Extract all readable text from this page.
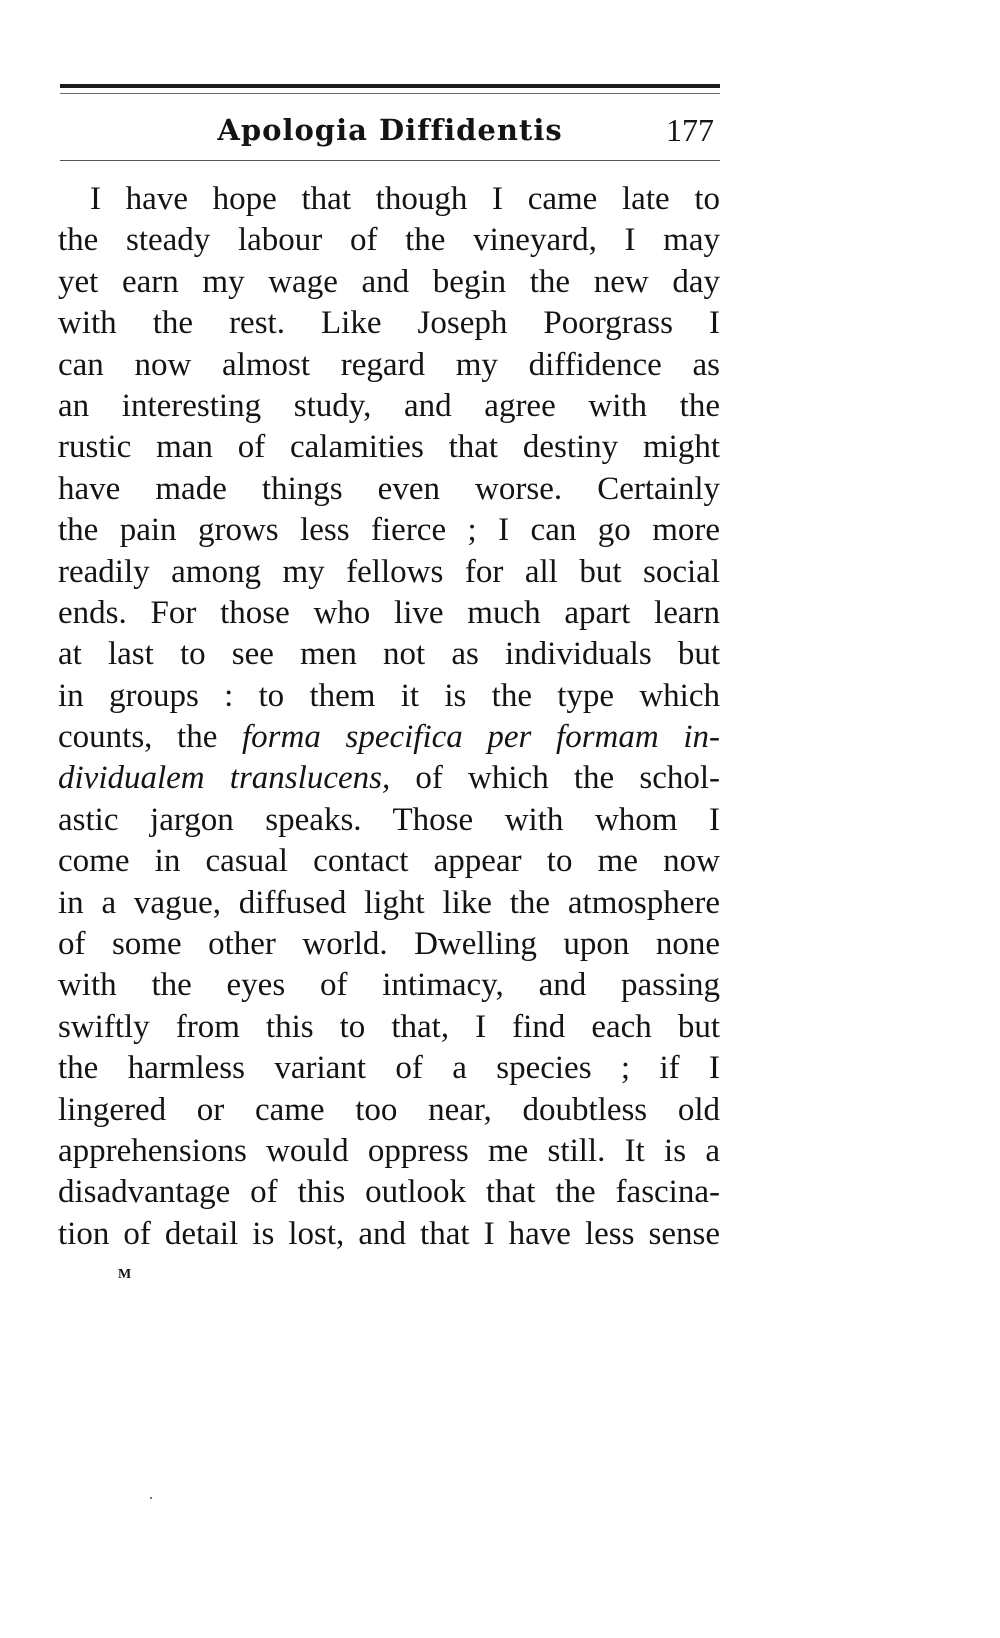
Apologia Diffidentis	177
I have hope that though I came late to
the steady labour of the vineyard, I may
yet earn my wage and begin the new day
with the rest. Like Joseph Poorgrass I
can now almost regard my diffidence as
an interesting study, and agree with the
rustic man of calamities that destiny might
have made things even worse. Certainly
the pain grows less fierce ; I can go more
readily among my fellows for all but social
ends. For those who live much apart learn
at last to see men not as individuals but
in groups : to them it is the type which
counts, the forma specifica per formam in-
dividualem translucens, of which the schol-
astic jargon speaks. Those with whom I
come in casual contact appear to me now
in a vague, diffused light like the atmosphere
of some other world. Dwelling upon none
with the eyes of intimacy, and passing
swiftly from this to that, I find each but
the harmless variant of a species ; if I
lingered or came too near, doubtless old
apprehensions would oppress me still. It is a
disadvantage of this outlook that the fascina-
tion of detail is lost, and that I have less sense
M
